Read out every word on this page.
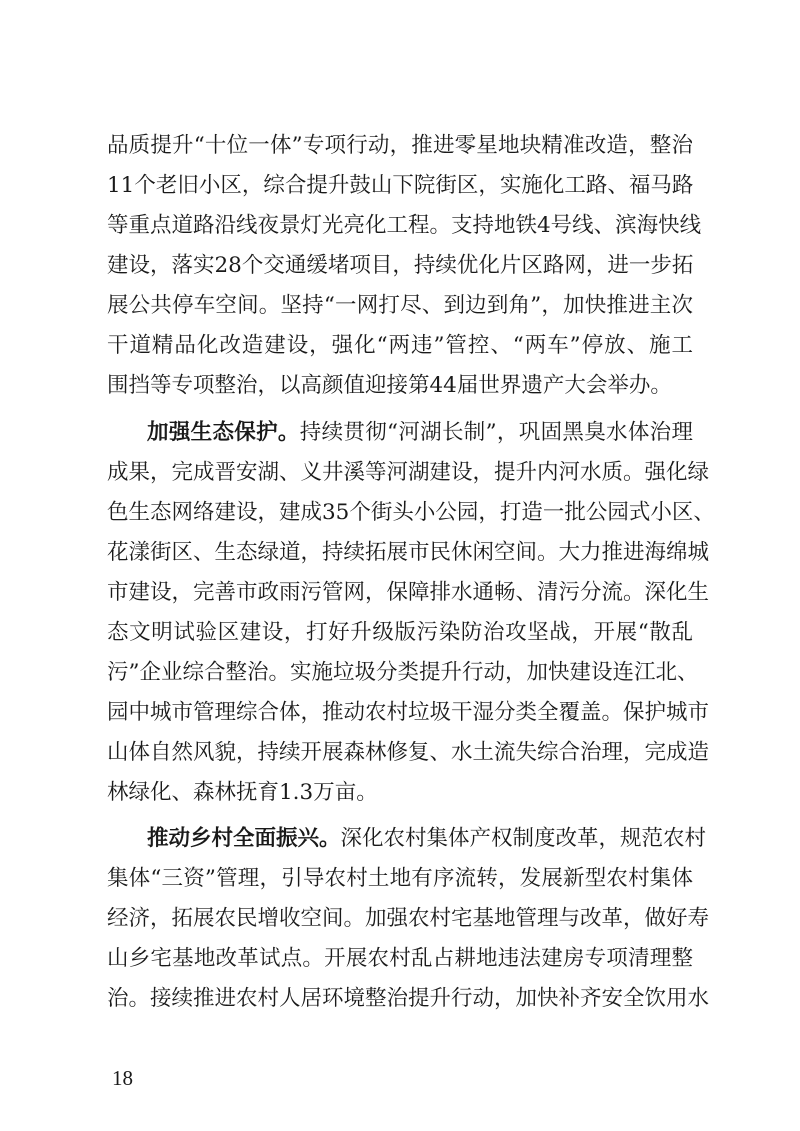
品质提升“十位一体”专项行动，推进零星地块精准改造，整治
11个老旧小区，综合提升鼓山下院街区，实施化工路、福马路
等重点道路沿线夜景灯光亮化工程。支持地铁4号线、滨海快线
建设，落实28个交通缓堵项目，持续优化片区路网，进一步拓
展公共停车空间。坚持“一网打尽、到边到角”，加快推进主次
干道精品化改造建设，强化“两违”管控、“两车”停放、施工
围挡等专项整治，以高颜值迎接第44届世界遗产大会举办。
加强生态保护。持续贯彻“河湖长制”，巩固黑臭水体治理
成果，完成晋安湖、义井溪等河湖建设，提升内河水质。强化绿
色生态网络建设，建成35个街头小公园，打造一批公园式小区、
花漾街区、生态绿道，持续拓展市民休闲空间。大力推进海绵城
市建设，完善市政雨污管网，保障排水通畅、清污分流。深化生
态文明试验区建设，打好升级版污染防治攻坚战，开展“散乱
污”企业综合整治。实施垃圾分类提升行动，加快建设连江北、
园中城市管理综合体，推动农村垃圾干湿分类全覆盖。保护城市
山体自然风貌，持续开展森林修复、水土流失综合治理，完成造
林绿化、森林抚育1.3万亩。
推动乡村全面振兴。深化农村集体产权制度改革，规范农村
集体“三资”管理，引导农村土地有序流转，发展新型农村集体
经济，拓展农民增收空间。加强农村宅基地管理与改革，做好寿
山乡宅基地改革试点。开展农村乱占耕地违法建房专项清理整
治。接续推进农村人居环境整治提升行动，加快补齐安全饮用水
18
